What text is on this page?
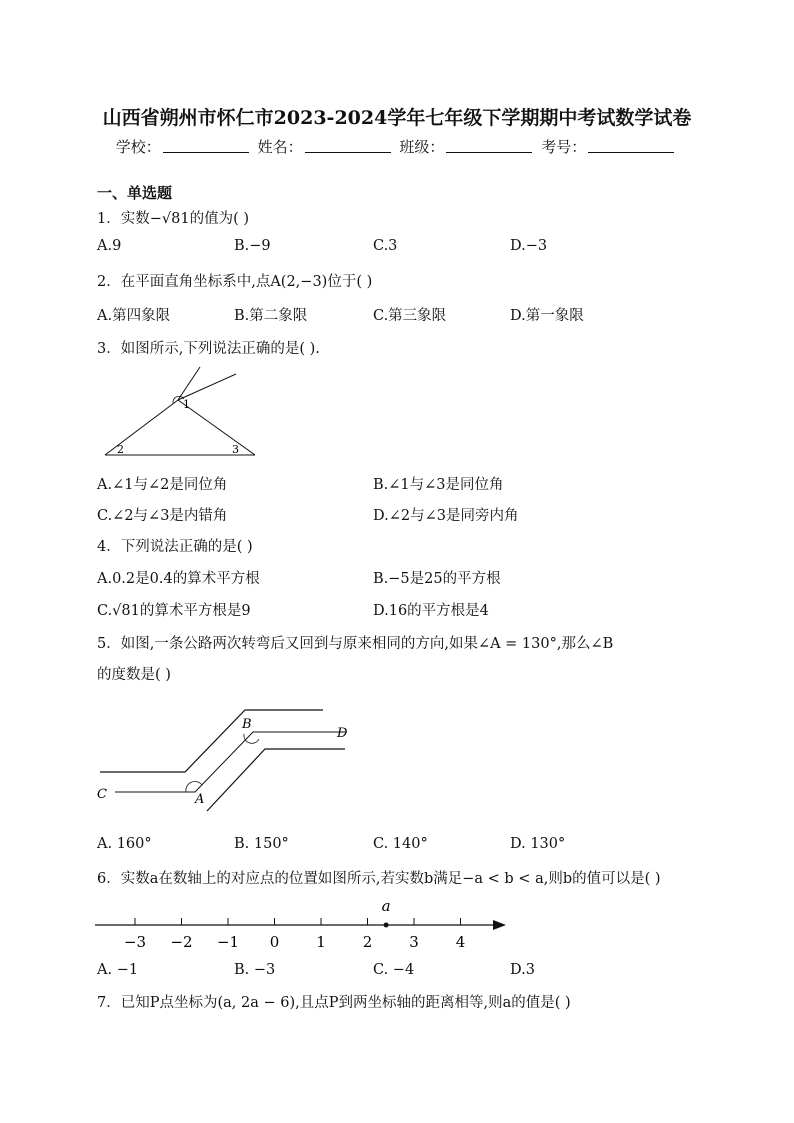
山西省朔州市怀仁市2023-2024学年七年级下学期期中考试数学试卷
学校：	姓名：	班级：	考号：
一、单选题
1．实数−√81的值为( )
A.9	B.−9	C.3	D.−3
2．在平面直角坐标系中,点A(2,−3)位于( )
A.第四象限	B.第二象限	C.第三象限	D.第一象限
3．如图所示,下列说法正确的是( ).
1
2	3
A.∠1与∠2是同位角	B.∠1与∠3是同位角
C.∠2与∠3是内错角	D.∠2与∠3是同旁内角
4．下列说法正确的是( )
A.0.2是0.4的算术平方根	B.−5是25的平方根
C.√81的算术平方根是9	D.16的平方根是4
5．如图,一条公路两次转弯后又回到与原来相同的方向,如果∠A = 130°,那么∠B
的度数是( )
B
D
C	A
A. 160°	B. 150°	C. 140°	D. 130°
6．实数a在数轴上的对应点的位置如图所示,若实数b满足−a < b < a,则b的值可以是( )
−3 −2 −1 0 1 2 3 4
a
A. −1	B. −3	C. −4	D.3
7．已知P点坐标为(a, 2a − 6),且点P到两坐标轴的距离相等,则a的值是( )
